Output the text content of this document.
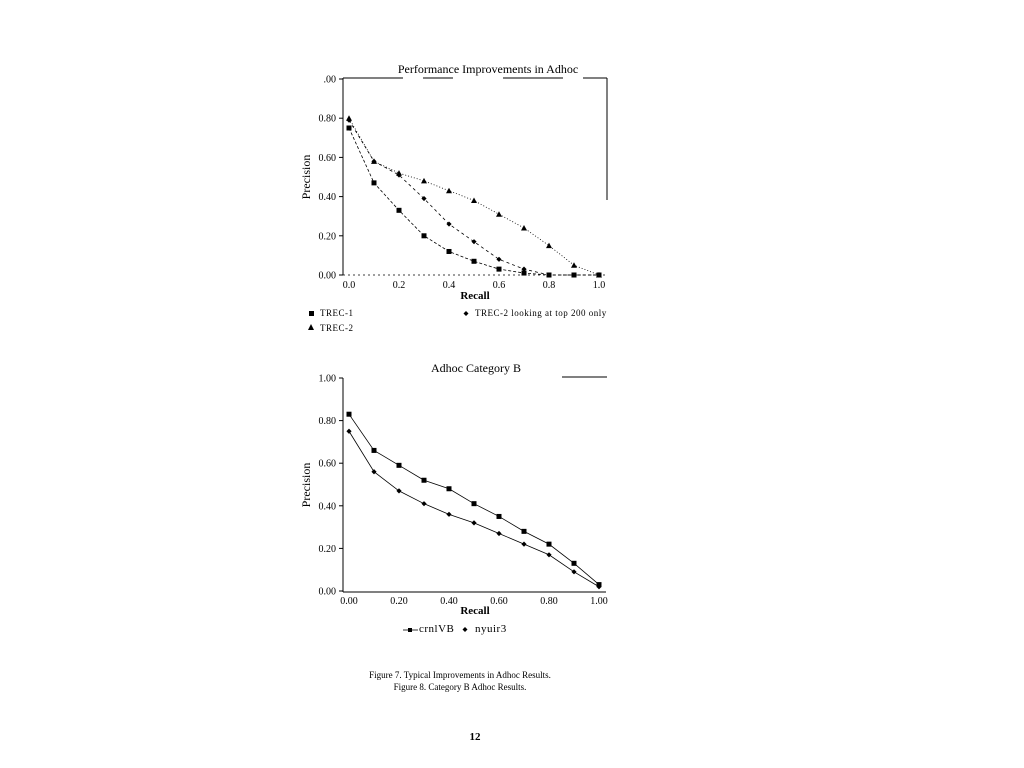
Performance Improvements in Adhoc
.00
0.80
0.60
0.40
0.20
0.00
0.0	0.2	0.4	0.6	0.8	1.0
Recall
Precision
TREC-1
TREC-2
TREC-2 looking at top 200 only
Adhoc Category B
1.00
0.80
0.60
0.40
0.20
0.00
0.00	0.20	0.40	0.60	0.80	1.00
Recall
Precision
crnlVB nyuir3
Figure 7. Typical Improvements in Adhoc Results.
Figure 8. Category B Adhoc Results.
12
